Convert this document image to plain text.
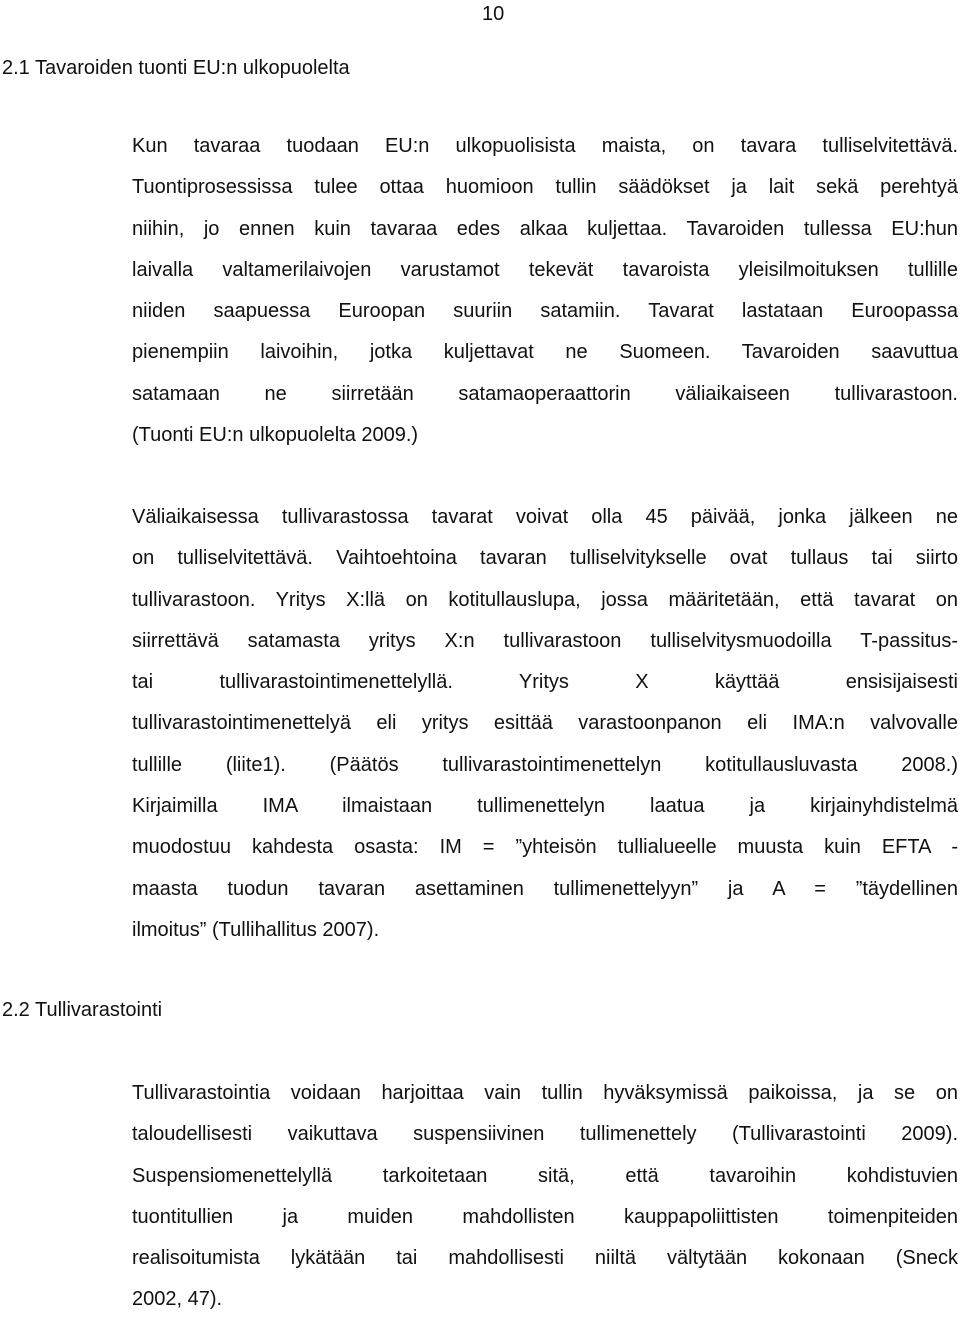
10
2.1 Tavaroiden tuonti EU:n ulkopuolelta

Kun tavaraa tuodaan EU:n ulkopuolisista maista, on tavara tulliselvitettävä.
Tuontiprosessissa tulee ottaa huomioon tullin säädökset ja lait sekä perehtyä
niihin, jo ennen kuin tavaraa edes alkaa kuljettaa. Tavaroiden tullessa EU:hun
laivalla valtamerilaivojen varustamot tekevät tavaroista yleisilmoituksen tullille
niiden saapuessa Euroopan suuriin satamiin. Tavarat lastataan Euroopassa
pienempiin laivoihin, jotka kuljettavat ne Suomeen. Tavaroiden saavuttua
satamaan ne siirretään satamaoperaattorin väliaikaiseen tullivarastoon.
(Tuonti EU:n ulkopuolelta 2009.)

Väliaikaisessa tullivarastossa tavarat voivat olla 45 päivää, jonka jälkeen ne
on tulliselvitettävä. Vaihtoehtoina tavaran tulliselvitykselle ovat tullaus tai siirto
tullivarastoon. Yritys X:llä on kotitullauslupa, jossa määritetään, että tavarat on
siirrettävä satamasta yritys X:n tullivarastoon tulliselvitysmuodoilla T-passitus-
tai tullivarastointimenettelyllä. Yritys X käyttää ensisijaisesti
tullivarastointimenettelyä eli yritys esittää varastoonpanon eli IMA:n valvovalle
tullille (liite1). (Päätös tullivarastointimenettelyn kotitullausluvasta 2008.)
Kirjaimilla IMA ilmaistaan tullimenettelyn laatua ja kirjainyhdistelmä
muodostuu kahdesta osasta: IM = ”yhteisön tullialueelle muusta kuin EFTA -
maasta tuodun tavaran asettaminen tullimenettelyyn” ja A = ”täydellinen
ilmoitus” (Tullihallitus 2007).

2.2 Tullivarastointi

Tullivarastointia voidaan harjoittaa vain tullin hyväksymissä paikoissa, ja se on
taloudellisesti vaikuttava suspensiivinen tullimenettely (Tullivarastointi 2009).
Suspensiomenettelyllä tarkoitetaan sitä, että tavaroihin kohdistuvien
tuontitullien ja muiden mahdollisten kauppapoliittisten toimenpiteiden
realisoitumista lykätään tai mahdollisesti niiltä vältytään kokonaan (Sneck
2002, 47).
